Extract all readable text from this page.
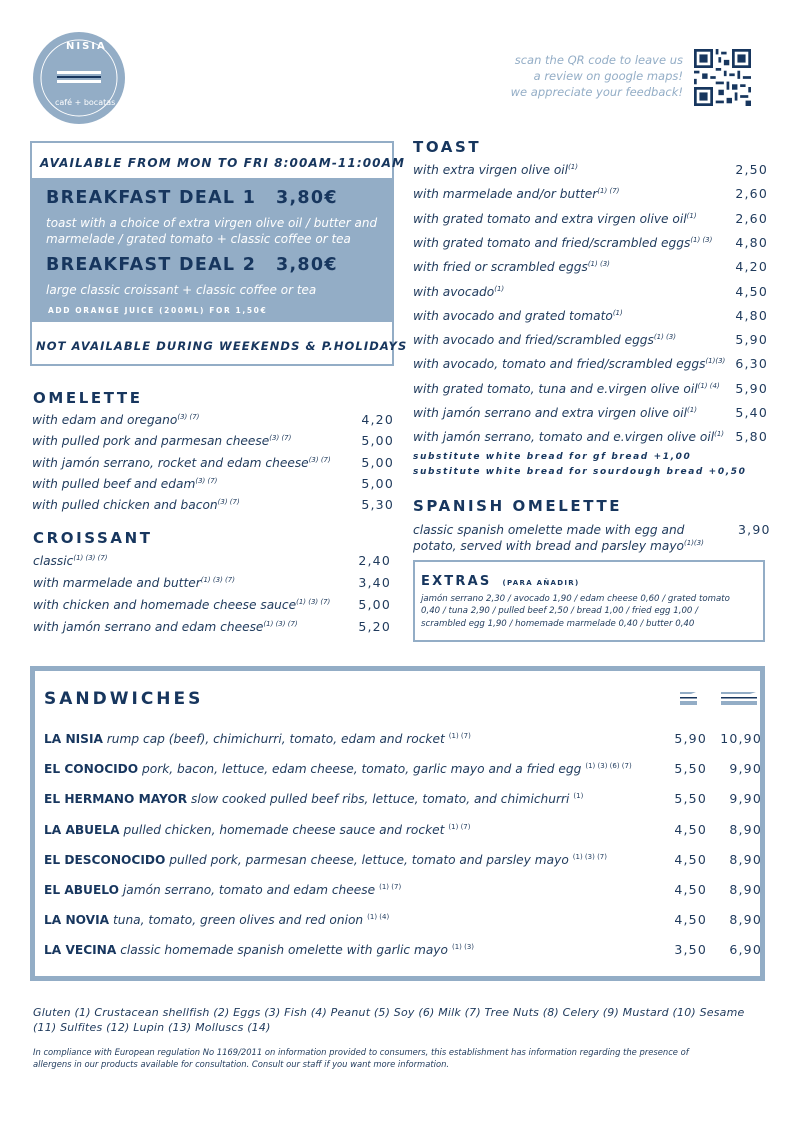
NISIA
café + bocatas
scan the QR code to leave us
a review on google maps!
we appreciate your feedback!
AVAILABLE FROM MON TO FRI 8:00AM-11:00AM
BREAKFAST DEAL 1 3,80€
toast with a choice of extra virgen olive oil / butter and marmelade / grated tomato + classic coffee or tea
BREAKFAST DEAL 2 3,80€
large classic croissant + classic coffee or tea
ADD ORANGE JUICE (200ML) FOR 1,50€
NOT AVAILABLE DURING WEEKENDS & P.HOLIDAYS
OMELETTE
with edam and oregano$^{(3) (7)}$	4,20
with pulled pork and parmesan cheese$^{(3) (7)}$	5,00
with jamón serrano, rocket and edam cheese$^{(3) (7)}$ 5,00
with pulled beef and edam$^{(3) (7)}$	5,00
with pulled chicken and bacon$^{(3) (7)}$	5,30
CROISSANT
classic$^{(1) (3) (7)}$	2,40
with marmelade and butter$^{(1) (3) (7)}$	3,40
with chicken and homemade cheese sauce$^{(1) (3) (7)}$ 5,00
with jamón serrano and edam cheese$^{(1) (3) (7)}$	5,20
TOAST
with extra virgen olive oil$^{(1)}$	2,50
with marmelade and/or butter$^{(1) (7)}$	2,60
with grated tomato and extra virgen olive oil$^{(1)}$	2,60
with grated tomato and fried/scrambled eggs$^{(1) (3)}$ 4,80
with fried or scrambled eggs$^{(1) (3)}$	4,20
with avocado$^{(1)}$	4,50
with avocado and grated tomato$^{(1)}$	4,80
with avocado and fried/scrambled eggs$^{(1) (3)}$	5,90
with avocado, tomato and fried/scrambled eggs$^{(1)(3)}$ 6,30
with grated tomato, tuna and e.virgen olive oil$^{(1) (4)}$ 5,90
with jamón serrano and extra virgen olive oil$^{(1)}$	5,40
with jamón serrano, tomato and e.virgen olive oil$^{(1)}$ 5,80
substitute white bread for gf bread +1,00
substitute white bread for sourdough bread +0,50
SPANISH OMELETTE
classic spanish omelette made with egg and
potato, served with bread and parsley mayo$^{(1)(3)}$
3,90
EXTRAS (PARA AÑADIR)
jamón serrano 2,30 / avocado 1,90 / edam cheese 0,60 / grated tomato
0,40 / tuna 2,90 / pulled beef 2,50 / bread 1,00 / fried egg 1,00 /
scrambled egg 1,90 / homemade marmelade 0,40 / butter 0,40
SANDWICHES
LA NISIA rump cap (beef), chimichurri, tomato, edam and rocket $^{(1) (7)}$	5,90	10,90
EL CONOCIDO pork, bacon, lettuce, edam cheese, tomato, garlic mayo and a fried egg $^{(1) (3) (6) (7)}$	5,50	9,90
EL HERMANO MAYOR slow cooked pulled beef ribs, lettuce, tomato, and chimichurri $^{(1)}$	5,50	9,90
LA ABUELA pulled chicken, homemade cheese sauce and rocket $^{(1) (7)}$	4,50	8,90
EL DESCONOCIDO pulled pork, parmesan cheese, lettuce, tomato and parsley mayo $^{(1) (3) (7)}$	4,50	8,90
EL ABUELO jamón serrano, tomato and edam cheese $^{(1) (7)}$	4,50	8,90
LA NOVIA tuna, tomato, green olives and red onion $^{(1) (4)}$	4,50	8,90
LA VECINA classic homemade spanish omelette with garlic mayo $^{(1) (3)}$	3,50	6,90
Gluten (1) Crustacean shellfish (2) Eggs (3) Fish (4) Peanut (5) Soy (6) Milk (7) Tree Nuts (8) Celery (9) Mustard (10) Sesame
(11) Sulfites (12) Lupin (13) Molluscs (14)
In compliance with European regulation No 1169/2011 on information provided to consumers, this establishment has information regarding the presence of
allergens in our products available for consultation. Consult our staff if you want more information.
